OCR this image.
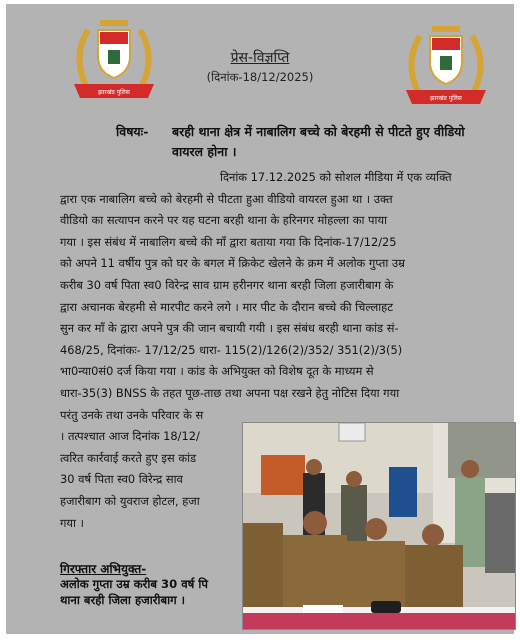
झारखंड पुलिस
झारखंड पुलिस
प्रेस-विज्ञप्ति
(दिनांक-18/12/2025)
विषयः-	बरही थाना क्षेत्र में नाबालिग बच्चे को बेरहमी से पीटते हुए वीडियो वायरल होना ।
दिनांक 17.12.2025 को सोशल मीडिया में एक व्यक्ति
द्वारा एक नाबालिग बच्चे को बेरहमी से पीटता हुआ वीडियो वायरल हुआ था । उक्त
वीडियो का सत्यापन करने पर यह घटना बरही थाना के हरिनगर मोहल्ला का पाया
गया । इस संबंध में नाबालिग बच्चे की माँ द्वारा बताया गया कि दिनांक-17/12/25
को अपने 11 वर्षीय पुत्र को घर के बगल में क्रिकेट खेलने के क्रम में अलोक गुप्ता उम्र
करीब 30 वर्ष पिता स्व0 विरेन्द्र साव ग्राम हरीनगर थाना बरही जिला हजारीबाग के
द्वारा अचानक बेरहमी से मारपीट करने लगे । मार पीट के दौरान बच्चे की चिल्लाहट
सुन कर माँ के द्वारा अपने पुत्र की जान बचायी गयी । इस संबंध बरही थाना कांड सं-
468/25, दिनांकः- 17/12/25 धारा- 115(2)/126(2)/352/ 351(2)/3(5)
भा0न्या0सं0 दर्ज किया गया । कांड के अभियुक्त को विशेष दूत के माध्यम से
धारा-35(3) BNSS के तहत पूछ-ताछ तथा अपना पक्ष रखने हेतु नोटिस दिया गया
परंतु उनके तथा उनके परिवार के स
। तत्पश्चात आज दिनांक 18/12/
त्वरित कार्रवाई करते हुए इस कांड
30 वर्ष पिता स्व0 विरेन्द्र साव
हजारीबाग को युवराज होटल, हजा
गया ।
गिरफ्तार अभियुक्त-
अलोक गुप्ता उम्र करीब 30 वर्ष पि
थाना बरही जिला हजारीबाग ।
